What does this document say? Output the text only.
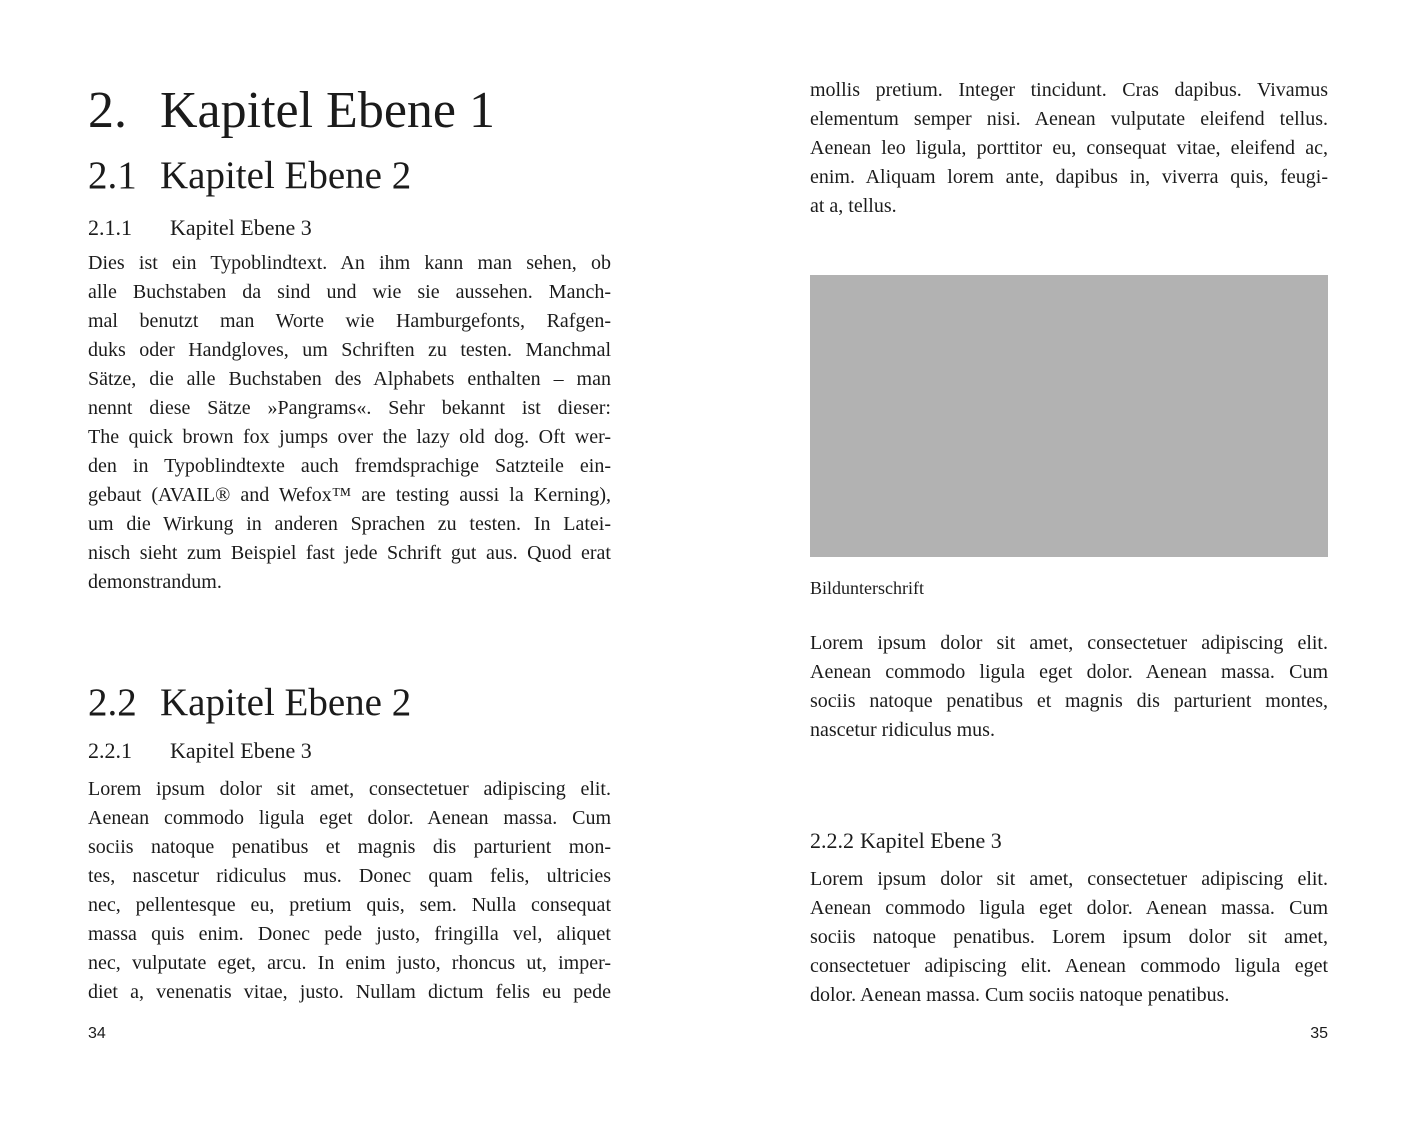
2. Kapitel Ebene 1
2.1 Kapitel Ebene 2
2.1.1 Kapitel Ebene 3
Dies ist ein Typoblindtext. An ihm kann man sehen, ob
alle Buchstaben da sind und wie sie aussehen. Manch-
mal benutzt man Worte wie Hamburgefonts, Rafgen-
duks oder Handgloves, um Schriften zu testen. Manchmal
Sätze, die alle Buchstaben des Alphabets enthalten – man
nennt diese Sätze »Pangrams«. Sehr bekannt ist dieser:
The quick brown fox jumps over the lazy old dog. Oft wer-
den in Typoblindtexte auch fremdsprachige Satzteile ein-
gebaut (AVAIL® and Wefox™ are testing aussi la Kerning),
um die Wirkung in anderen Sprachen zu testen. In Latei-
nisch sieht zum Beispiel fast jede Schrift gut aus. Quod erat
demonstrandum.
2.2 Kapitel Ebene 2
2.2.1 Kapitel Ebene 3
Lorem ipsum dolor sit amet, consectetuer adipiscing elit.
Aenean commodo ligula eget dolor. Aenean massa. Cum
sociis natoque penatibus et magnis dis parturient mon-
tes, nascetur ridiculus mus. Donec quam felis, ultricies
nec, pellentesque eu, pretium quis, sem. Nulla consequat
massa quis enim. Donec pede justo, fringilla vel, aliquet
nec, vulputate eget, arcu. In enim justo, rhoncus ut, imper-
diet a, venenatis vitae, justo. Nullam dictum felis eu pede
34
mollis pretium. Integer tincidunt. Cras dapibus. Vivamus
elementum semper nisi. Aenean vulputate eleifend tellus.
Aenean leo ligula, porttitor eu, consequat vitae, eleifend ac,
enim. Aliquam lorem ante, dapibus in, viverra quis, feugi-
at a, tellus.
Bildunterschrift
Lorem ipsum dolor sit amet, consectetuer adipiscing elit.
Aenean commodo ligula eget dolor. Aenean massa. Cum
sociis natoque penatibus et magnis dis parturient montes,
nascetur ridiculus mus.
2.2.2 Kapitel Ebene 3
Lorem ipsum dolor sit amet, consectetuer adipiscing elit.
Aenean commodo ligula eget dolor. Aenean massa. Cum
sociis natoque penatibus. Lorem ipsum dolor sit amet,
consectetuer adipiscing elit. Aenean commodo ligula eget
dolor. Aenean massa. Cum sociis natoque penatibus.
35
